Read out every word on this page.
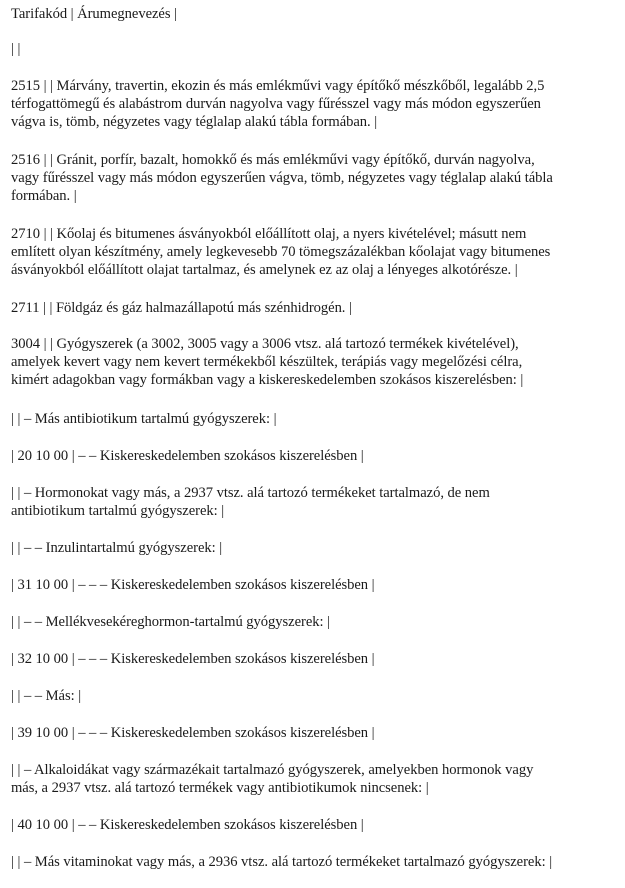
Tarifakód | Árumegnevezés |

| |

2515 | | Márvány, travertin, ekozin és más emlékművi vagy építőkő mészkőből, legalább 2,5
térfogattömegű és alabástrom durván nagyolva vagy fűrésszel vagy más módon egyszerűen
vágva is, tömb, négyzetes vagy téglalap alakú tábla formában. |

2516 | | Gránit, porfír, bazalt, homokkő és más emlékművi vagy építőkő, durván nagyolva,
vagy fűrésszel vagy más módon egyszerűen vágva, tömb, négyzetes vagy téglalap alakú tábla
formában. |

2710 | | Kőolaj és bitumenes ásványokból előállított olaj, a nyers kivételével; másutt nem
említett olyan készítmény, amely legkevesebb 70 tömegszázalékban kőolajat vagy bitumenes
ásványokból előállított olajat tartalmaz, és amelynek ez az olaj a lényeges alkotórésze. |

2711 | | Földgáz és gáz halmazállapotú más szénhidrogén. |

3004 | | Gyógyszerek (a 3002, 3005 vagy a 3006 vtsz. alá tartozó termékek kivételével),
amelyek kevert vagy nem kevert termékekből készültek, terápiás vagy megelőzési célra,
kimért adagokban vagy formákban vagy a kiskereskedelemben szokásos kiszerelésben: |

| | – Más antibiotikum tartalmú gyógyszerek: |

| 20 10 00 | – – Kiskereskedelemben szokásos kiszerelésben |

| | – Hormonokat vagy más, a 2937 vtsz. alá tartozó termékeket tartalmazó, de nem
antibiotikum tartalmú gyógyszerek: |

| | – – Inzulintartalmú gyógyszerek: |

| 31 10 00 | – – – Kiskereskedelemben szokásos kiszerelésben |

| | – – Mellékvesekéreghormon-tartalmú gyógyszerek: |

| 32 10 00 | – – – Kiskereskedelemben szokásos kiszerelésben |

| | – – Más: |

| 39 10 00 | – – – Kiskereskedelemben szokásos kiszerelésben |

| | – Alkaloidákat vagy származékait tartalmazó gyógyszerek, amelyekben hormonok vagy
más, a 2937 vtsz. alá tartozó termékek vagy antibiotikumok nincsenek: |

| 40 10 00 | – – Kiskereskedelemben szokásos kiszerelésben |

| | – Más vitaminokat vagy más, a 2936 vtsz. alá tartozó termékeket tartalmazó gyógyszerek: |
